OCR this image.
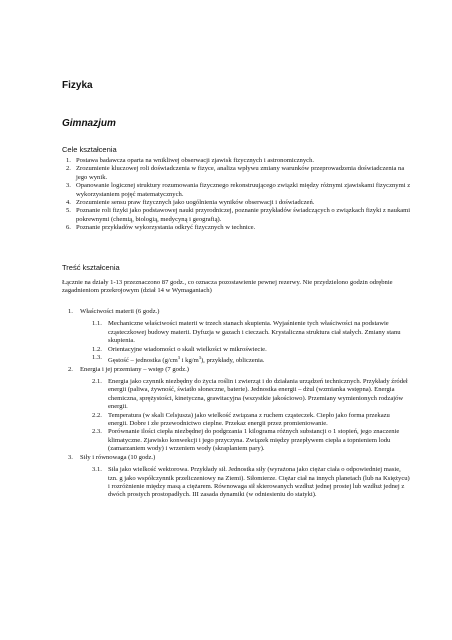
Fizyka
Gimnazjum
Cele kształcenia
1. Postawa badawcza oparta na wnikliwej obserwacji zjawisk fizycznych i astronomicznych.
2. Zrozumienie kluczowej roli doświadczenia w fizyce, analiza wpływu zmiany warunków przeprowadzenia doświadczenia na jego wynik.
3. Opanowanie logicznej struktury rozumowania fizycznego rekonstruującego związki między różnymi zjawiskami fizycznymi z wykorzystaniem pojęć matematycznych.
4. Zrozumienie sensu praw fizycznych jako uogólnienia wyników obserwacji i doświadczeń.
5. Poznanie roli fizyki jako podstawowej nauki przyrodniczej, poznanie przykładów świadczących o związkach fizyki z naukami pokrewnymi (chemią, biologią, medycyną i geografią).
6. Poznanie przykładów wykorzystania odkryć fizycznych w technice.
Treść kształcenia
Łącznie na działy 1-13 przeznaczono 87 godz., co oznacza pozostawienie pewnej rezerwy. Nie przydzielono godzin odrębnie zagadnieniom przekrojowym (dział 14 w Wymaganiach)
1. Właściwości materii (6 godz.)
1.1. Mechaniczne właściwości materii w trzech stanach skupienia. Wyjaśnienie tych właściwości na podstawie cząsteczkowej budowy materii. Dyfuzja w gazach i cieczach. Krystaliczna struktura ciał stałych. Zmiany stanu skupienia.
1.2. Orientacyjne wiadomości o skali wielkości w mikroświecie.
1.3. Gęstość – jednostka ($g/cm^3$ i $kg/m^3$), przykłady, obliczenia.
2. Energia i jej przemiany – wstęp (7 godz.)
2.1. Energia jako czynnik niezbędny do życia roślin i zwierząt i do działania urządzeń technicznych. Przykłady źródeł energii (paliwa, żywność, światło słoneczne, baterie). Jednostka energii – dżul (wzmianka wstępna). Energia chemiczna, sprężystości, kinetyczna, grawitacyjna (wszystkie jakościowo). Przemiany wymienionych rodzajów energii.
2.2. Temperatura (w skali Celsjusza) jako wielkość związana z ruchem cząsteczek. Ciepło jako forma przekazu energii. Dobre i złe przewodnictwo cieplne. Przekaz energii przez promieniowanie.
2.3. Porównanie ilości ciepła niezbędnej do podgrzania 1 kilograma różnych substancji o 1 stopień, jego znaczenie klimatyczne. Zjawisko konwekcji i jego przyczyna. Związek między przepływem ciepła a topnieniem lodu (zamarzaniem wody) i wrzeniem wody (skraplaniem pary).
3. Siły i równowaga (10 godz.)
3.1. Siła jako wielkość wektorowa. Przykłady sił. Jednostka siły (wyrażona jako ciężar ciała o odpowiedniej masie, tzn. g jako współczynnik przeliczeniowy na Ziemi). Siłomierze. Ciężar ciał na innych planetach (lub na Księżycu) i rozróżnienie między masą a ciężarem. Równowaga sił skierowanych wzdłuż jednej prostej lub wzdłuż jednej z dwóch prostych prostopadłych. III zasada dynamiki (w odniesieniu do statyki).
